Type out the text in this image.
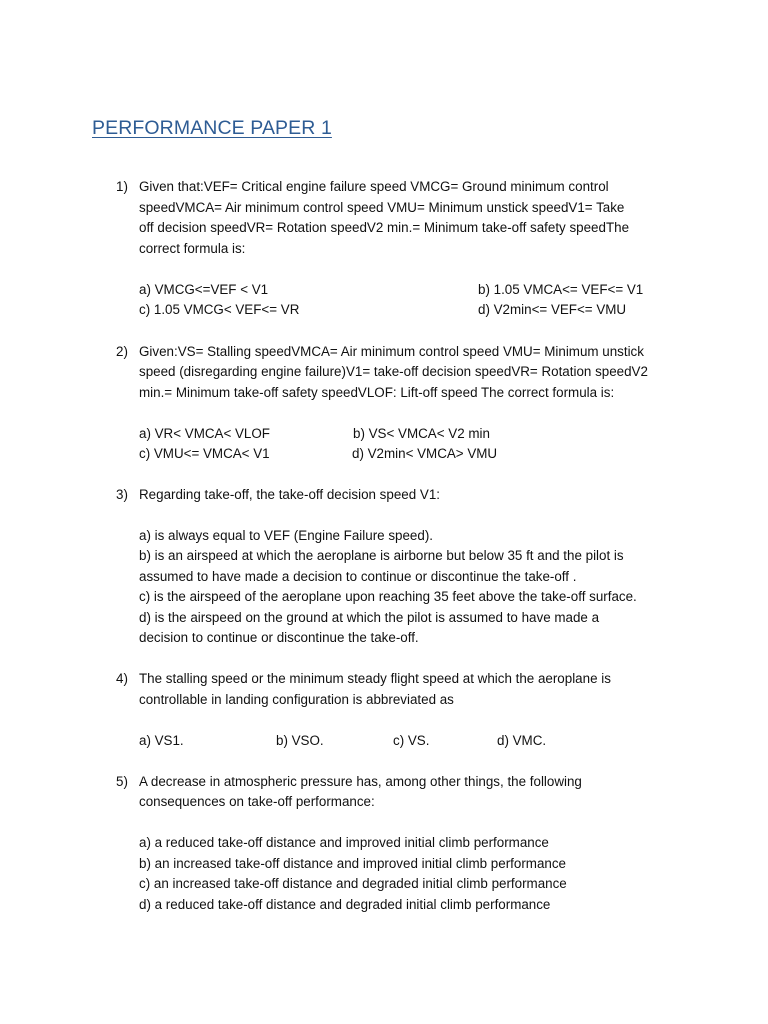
PERFORMANCE PAPER 1
1) Given that:VEF= Critical engine failure speed VMCG= Ground minimum control
speedVMCA= Air minimum control speed VMU= Minimum unstick speedV1= Take
off decision speedVR= Rotation speedV2 min.= Minimum take-off safety speedThe
correct formula is:
a) VMCG<=VEF < V1	b) 1.05 VMCA<= VEF<= V1
c) 1.05 VMCG< VEF<= VR	d) V2min<= VEF<= VMU
2) Given:VS= Stalling speedVMCA= Air minimum control speed VMU= Minimum unstick
speed (disregarding engine failure)V1= take-off decision speedVR= Rotation speedV2
min.= Minimum take-off safety speedVLOF: Lift-off speed The correct formula is:
a) VR< VMCA< VLOF	b) VS< VMCA< V2 min
c) VMU<= VMCA< V1	d) V2min< VMCA> VMU
3) Regarding take-off, the take-off decision speed V1:
a) is always equal to VEF (Engine Failure speed).
b) is an airspeed at which the aeroplane is airborne but below 35 ft and the pilot is
assumed to have made a decision to continue or discontinue the take-off .
c) is the airspeed of the aeroplane upon reaching 35 feet above the take-off surface.
d) is the airspeed on the ground at which the pilot is assumed to have made a
decision to continue or discontinue the take-off.
4) The stalling speed or the minimum steady flight speed at which the aeroplane is
controllable in landing configuration is abbreviated as
a) VS1.	b) VSO.	c) VS.	d) VMC.
5) A decrease in atmospheric pressure has, among other things, the following
consequences on take-off performance:
a) a reduced take-off distance and improved initial climb performance
b) an increased take-off distance and improved initial climb performance
c) an increased take-off distance and degraded initial climb performance
d) a reduced take-off distance and degraded initial climb performance
